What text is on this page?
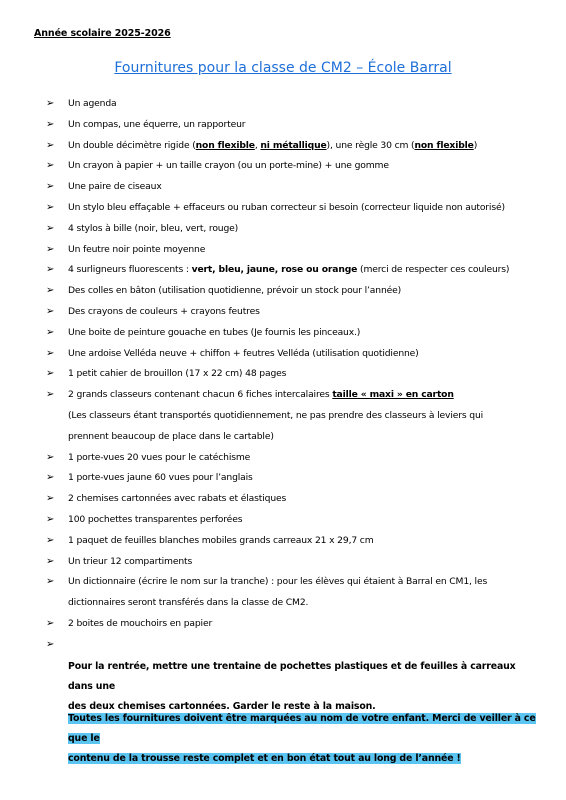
Année scolaire 2025-2026
Fournitures pour la classe de CM2 – École Barral
➢ Un agenda
➢ Un compas, une équerre, un rapporteur
➢ Un double décimètre rigide (non flexible, ni métallique), une règle 30 cm (non flexible)
➢ Un crayon à papier + un taille crayon (ou un porte-mine) + une gomme
➢ Une paire de ciseaux
➢ Un stylo bleu effaçable + effaceurs ou ruban correcteur si besoin (correcteur liquide non autorisé)
➢ 4 stylos à bille (noir, bleu, vert, rouge)
➢ Un feutre noir pointe moyenne
➢ 4 surligneurs fluorescents : vert, bleu, jaune, rose ou orange (merci de respecter ces couleurs)
➢ Des colles en bâton (utilisation quotidienne, prévoir un stock pour l’année)
➢ Des crayons de couleurs + crayons feutres
➢ Une boite de peinture gouache en tubes (Je fournis les pinceaux.)
➢ Une ardoise Velléda neuve + chiffon + feutres Velléda (utilisation quotidienne)
➢ 1 petit cahier de brouillon (17 x 22 cm) 48 pages
➢ 2 grands classeurs contenant chacun 6 fiches intercalaires taille « maxi » en carton
(Les classeurs étant transportés quotidiennement, ne pas prendre des classeurs à leviers qui
prennent beaucoup de place dans le cartable)
➢ 1 porte-vues 20 vues pour le catéchisme
➢ 1 porte-vues jaune 60 vues pour l’anglais
➢ 2 chemises cartonnées avec rabats et élastiques
➢ 100 pochettes transparentes perforées
➢ 1 paquet de feuilles blanches mobiles grands carreaux 21 x 29,7 cm
➢ Un trieur 12 compartiments
➢ Un dictionnaire (écrire le nom sur la tranche) : pour les élèves qui étaient à Barral en CM1, les
dictionnaires seront transférés dans la classe de CM2.
➢ 2 boites de mouchoirs en papier
➢

Pour la rentrée, mettre une trentaine de pochettes plastiques et de feuilles à carreaux dans une
des deux chemises cartonnées. Garder le reste à la maison.
Toutes les fournitures doivent être marquées au nom de votre enfant. Merci de veiller à ce que le
contenu de la trousse reste complet et en bon état tout au long de l’année !
